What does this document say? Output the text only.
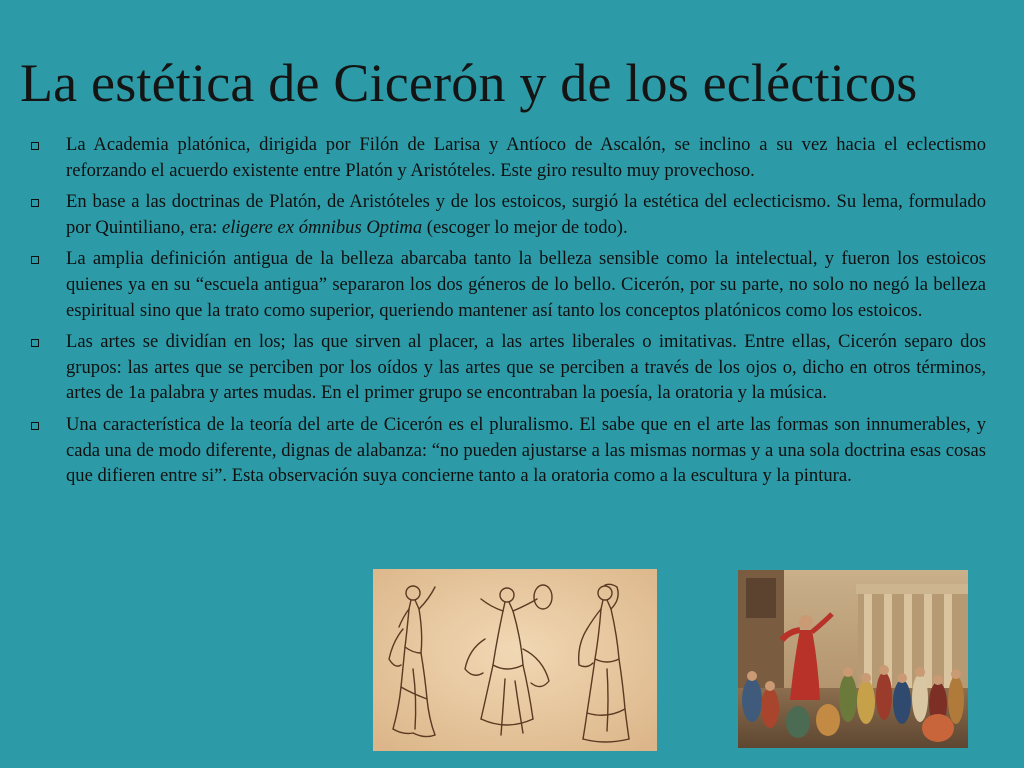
La estética de Cicerón y de los eclécticos
La Academia platónica, dirigida por Filón de Larisa y Antíoco de Ascalón, se inclino a su vez hacia el eclectismo reforzando el acuerdo existente entre Platón y Aristóteles. Este giro resulto muy provechoso.
En base a las doctrinas de Platón, de Aristóteles y de los estoicos, surgió la estética del eclecticismo. Su lema, formulado por Quintiliano, era: eligere ex ómnibus Optima (escoger lo mejor de todo).
La amplia definición antigua de la belleza abarcaba tanto la belleza sensible como la intelectual, y fueron los estoicos quienes ya en su “escuela antigua” separaron los dos géneros de lo bello. Cicerón, por su parte, no solo no negó la belleza espiritual sino que la trato como superior, queriendo mantener así tanto los conceptos platónicos como los estoicos.
Las artes se dividían en los; las que sirven al placer, a las artes liberales o imitativas. Entre ellas, Cicerón separo dos grupos: las artes que se perciben por los oídos y las artes que se perciben a través de los ojos o, dicho en otros términos, artes de 1a palabra y artes mudas. En el primer grupo se encontraban la poesía, la oratoria y la música.
Una característica de la teoría del arte de Cicerón es el pluralismo. El sabe que en el arte las formas son innumerables, y cada una de modo diferente, dignas de alabanza: “no pueden ajustarse a las mismas normas y a una sola doctrina esas cosas que difieren entre si”. Esta observación suya concierne tanto a la oratoria como a la escultura y la pintura.
